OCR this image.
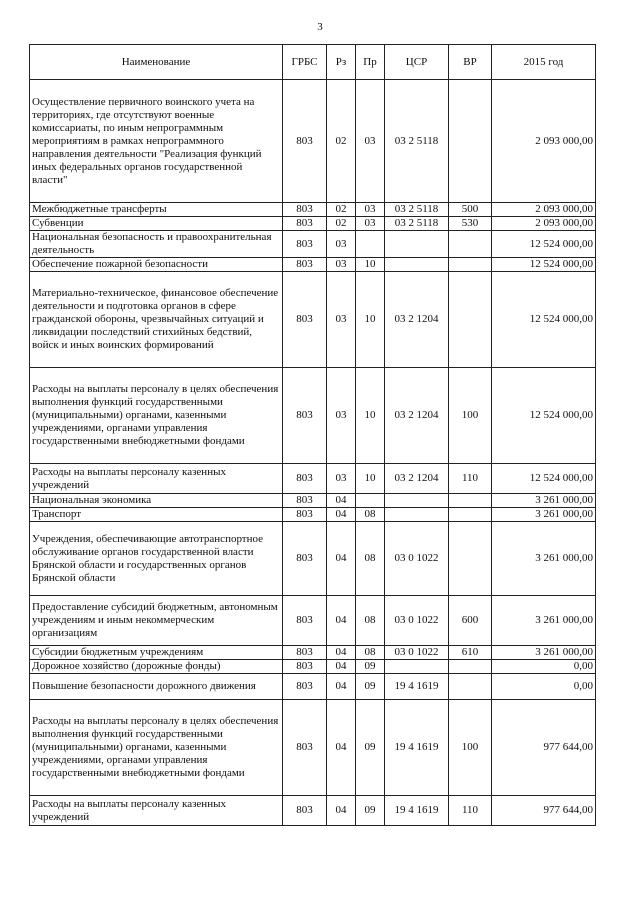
3
Наименование	ГРБС	Рз	Пр	ЦСР	ВР	2015 год
Осуществление первичного воинского учета на территориях, где отсутствуют военные комиссариаты, по иным непрограммным мероприятиям в рамках непрограммного направления деятельности "Реализация функций иных федеральных органов государственной власти"	803	02	03	03 2 5118		2 093 000,00
Межбюджетные трансферты	803	02	03	03 2 5118	500	2 093 000,00
Субвенции	803	02	03	03 2 5118	530	2 093 000,00
Национальная безопасность и правоохранительная деятельность	803	03				12 524 000,00
Обеспечение пожарной безопасности	803	03	10			12 524 000,00
Материально-техническое, финансовое обеспечение деятельности и подготовка органов в сфере гражданской обороны, чрезвычайных ситуаций и ликвидации последствий стихийных бедствий, войск и иных воинских формирований	803	03	10	03 2 1204		12 524 000,00
Расходы на выплаты персоналу в целях обеспечения выполнения функций государственными (муниципальными) органами, казенными учреждениями, органами управления государственными внебюджетными фондами	803	03	10	03 2 1204	100	12 524 000,00
Расходы на выплаты персоналу казенных учреждений	803	03	10	03 2 1204	110	12 524 000,00
Национальная экономика	803	04				3 261 000,00
Транспорт	803	04	08			3 261 000,00
Учреждения, обеспечивающие автотранспортное обслуживание органов государственной власти Брянской области и государственных органов Брянской области	803	04	08	03 0 1022		3 261 000,00
Предоставление субсидий бюджетным, автономным учреждениям и иным некоммерческим организациям	803	04	08	03 0 1022	600	3 261 000,00
Субсидии бюджетным учреждениям	803	04	08	03 0 1022	610	3 261 000,00
Дорожное хозяйство (дорожные фонды)	803	04	09			0,00
Повышение безопасности дорожного движения	803	04	09	19 4 1619		0,00
Расходы на выплаты персоналу в целях обеспечения выполнения функций государственными (муниципальными) органами, казенными учреждениями, органами управления государственными внебюджетными фондами	803	04	09	19 4 1619	100	977 644,00
Расходы на выплаты персоналу казенных учреждений	803	04	09	19 4 1619	110	977 644,00
